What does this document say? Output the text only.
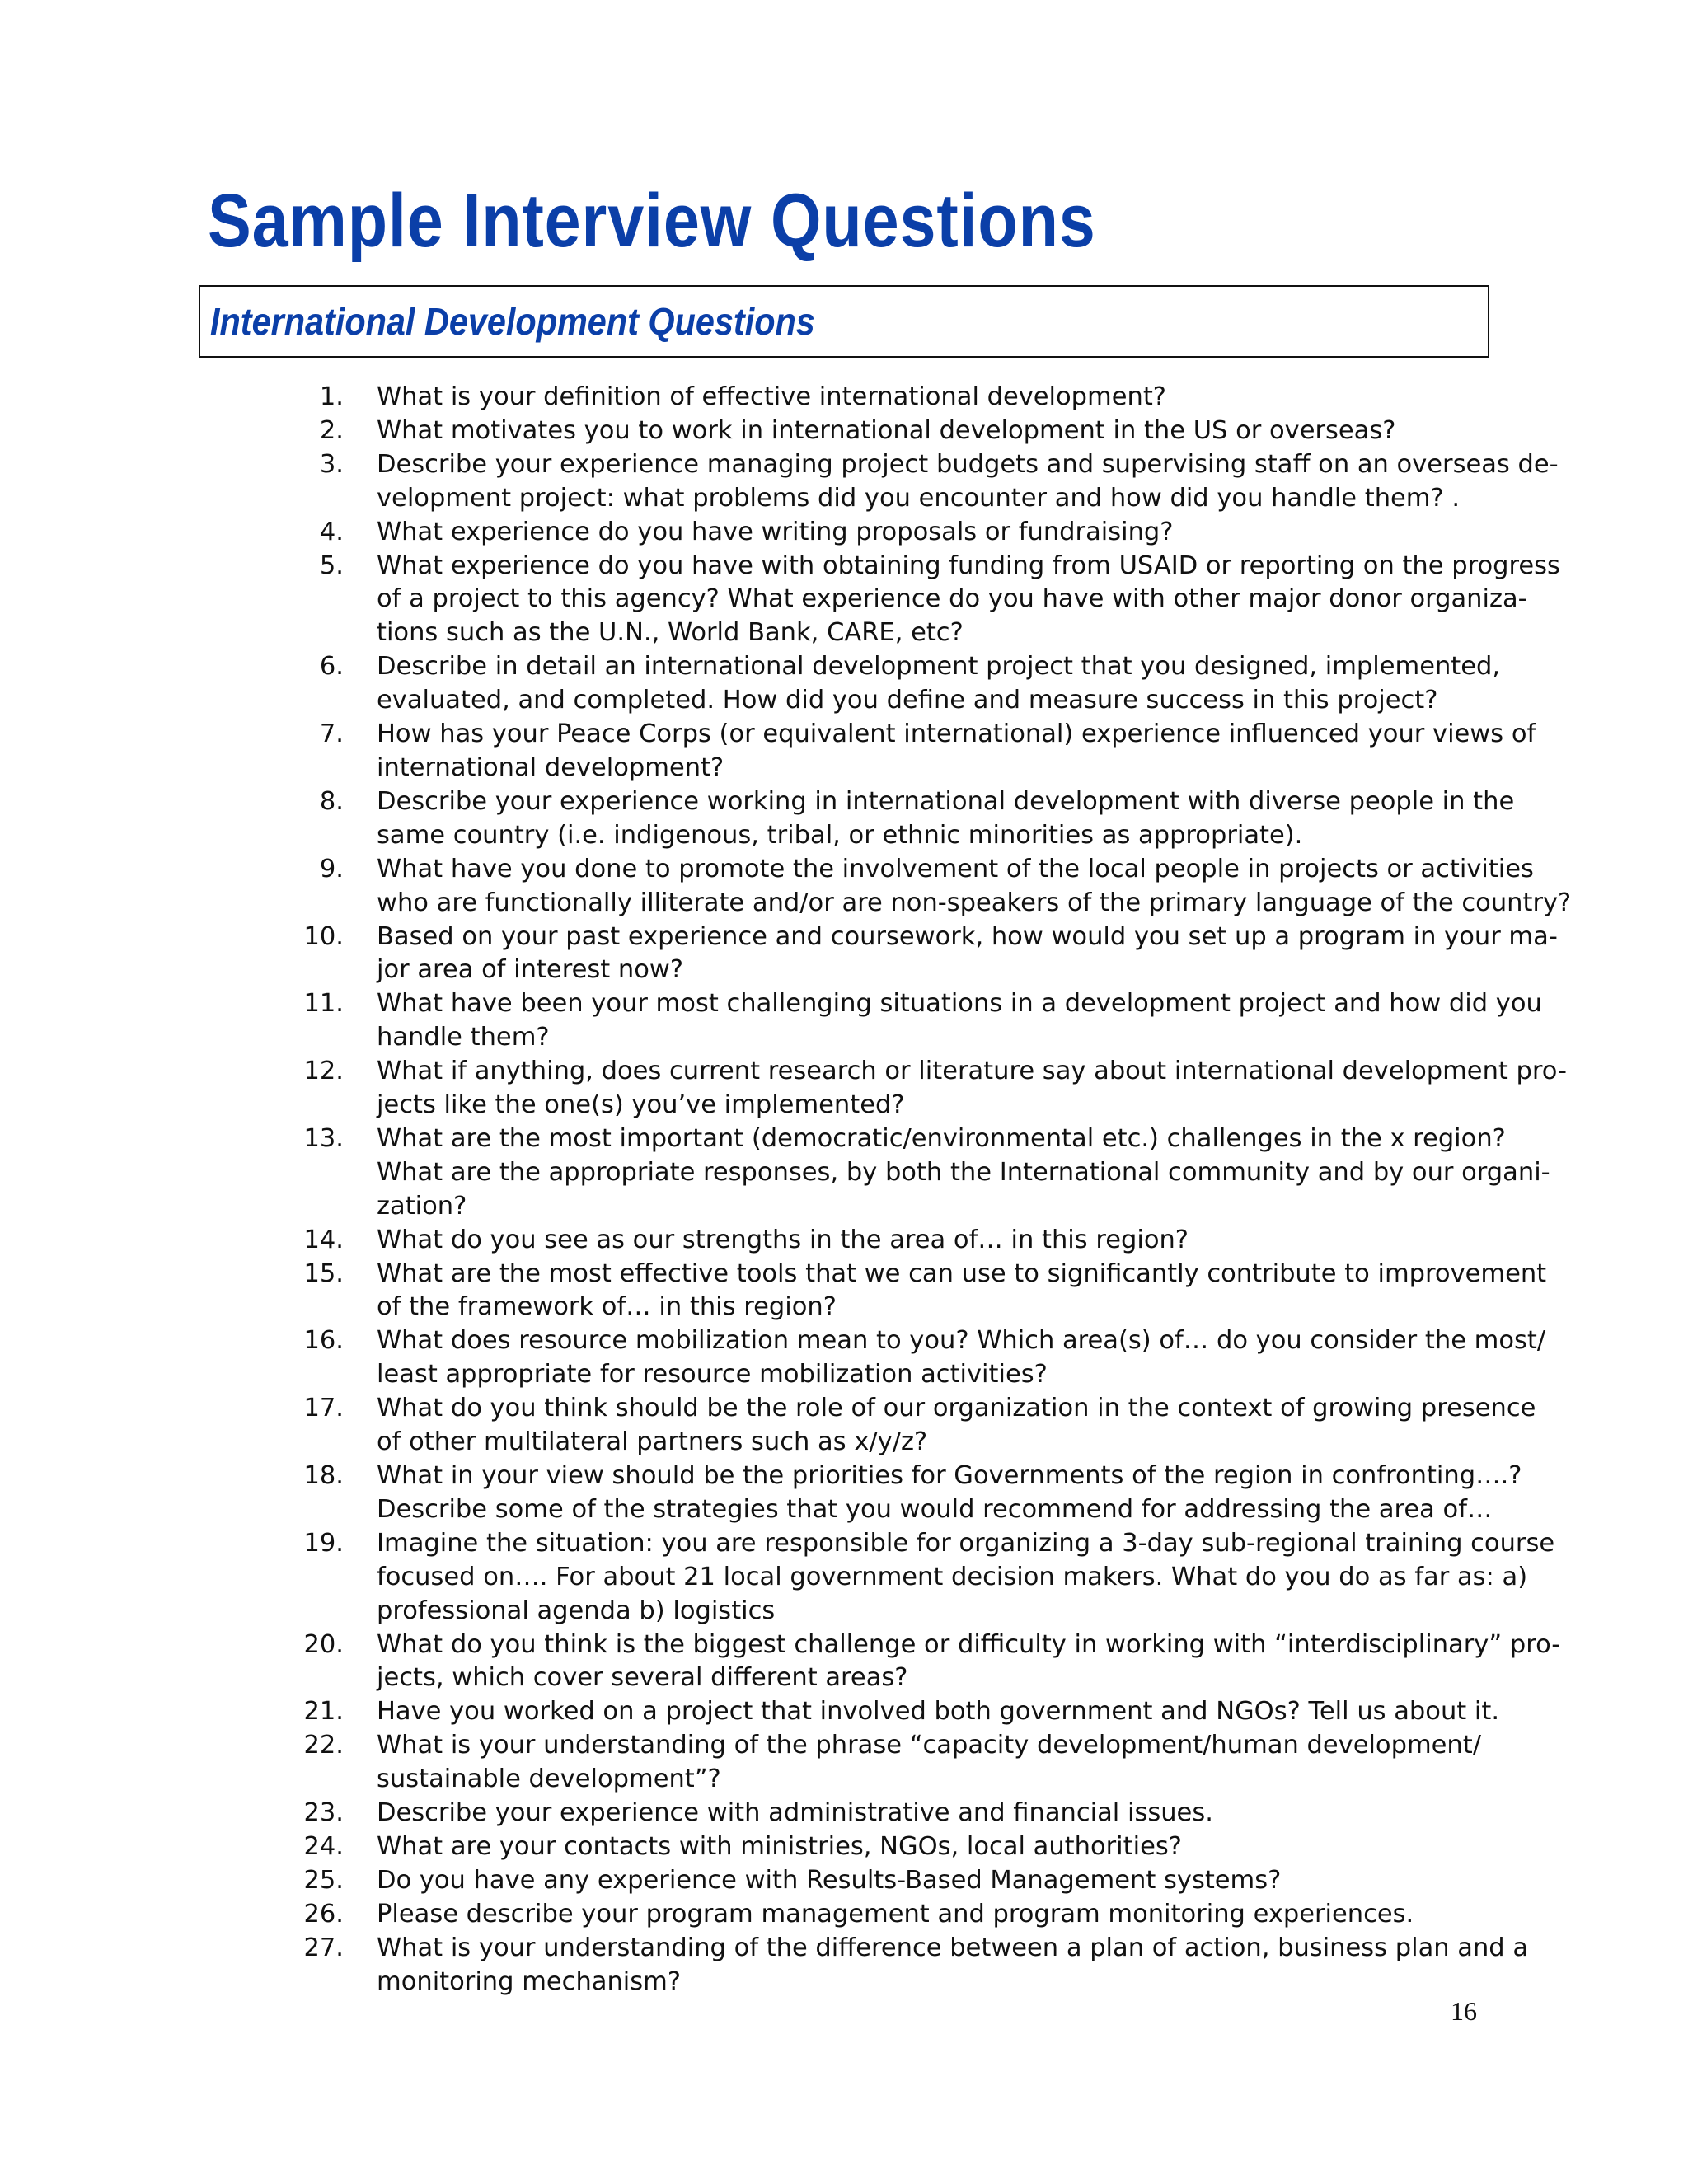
Sample Interview Questions
International Development Questions
1. What is your definition of effective international development?
2. What motivates you to work in international development in the US or overseas?
3. Describe your experience managing project budgets and supervising staff on an overseas de-
velopment project: what problems did you encounter and how did you handle them? .
4. What experience do you have writing proposals or fundraising?
5. What experience do you have with obtaining funding from USAID or reporting on the progress
of a project to this agency? What experience do you have with other major donor organiza-
tions such as the U.N., World Bank, CARE, etc?
6. Describe in detail an international development project that you designed, implemented,
evaluated, and completed. How did you define and measure success in this project?
7. How has your Peace Corps (or equivalent international) experience influenced your views of
international development?
8. Describe your experience working in international development with diverse people in the
same country (i.e. indigenous, tribal, or ethnic minorities as appropriate).
9. What have you done to promote the involvement of the local people in projects or activities
who are functionally illiterate and/or are non-speakers of the primary language of the country?
10. Based on your past experience and coursework, how would you set up a program in your ma-
jor area of interest now?
11. What have been your most challenging situations in a development project and how did you
handle them?
12. What if anything, does current research or literature say about international development pro-
jects like the one(s) you’ve implemented?
13. What are the most important (democratic/environmental etc.) challenges in the x region?
What are the appropriate responses, by both the International community and by our organi-
zation?
14. What do you see as our strengths in the area of… in this region?
15. What are the most effective tools that we can use to significantly contribute to improvement
of the framework of… in this region?
16. What does resource mobilization mean to you? Which area(s) of… do you consider the most/
least appropriate for resource mobilization activities?
17. What do you think should be the role of our organization in the context of growing presence
of other multilateral partners such as x/y/z?
18. What in your view should be the priorities for Governments of the region in confronting….?
Describe some of the strategies that you would recommend for addressing the area of…
19. Imagine the situation: you are responsible for organizing a 3-day sub-regional training course
focused on…. For about 21 local government decision makers. What do you do as far as: a)
professional agenda b) logistics
20. What do you think is the biggest challenge or difficulty in working with “interdisciplinary” pro-
jects, which cover several different areas?
21. Have you worked on a project that involved both government and NGOs? Tell us about it.
22. What is your understanding of the phrase “capacity development/human development/
sustainable development”?
23. Describe your experience with administrative and financial issues.
24. What are your contacts with ministries, NGOs, local authorities?
25. Do you have any experience with Results-Based Management systems?
26. Please describe your program management and program monitoring experiences.
27. What is your understanding of the difference between a plan of action, business plan and a
monitoring mechanism?
16
